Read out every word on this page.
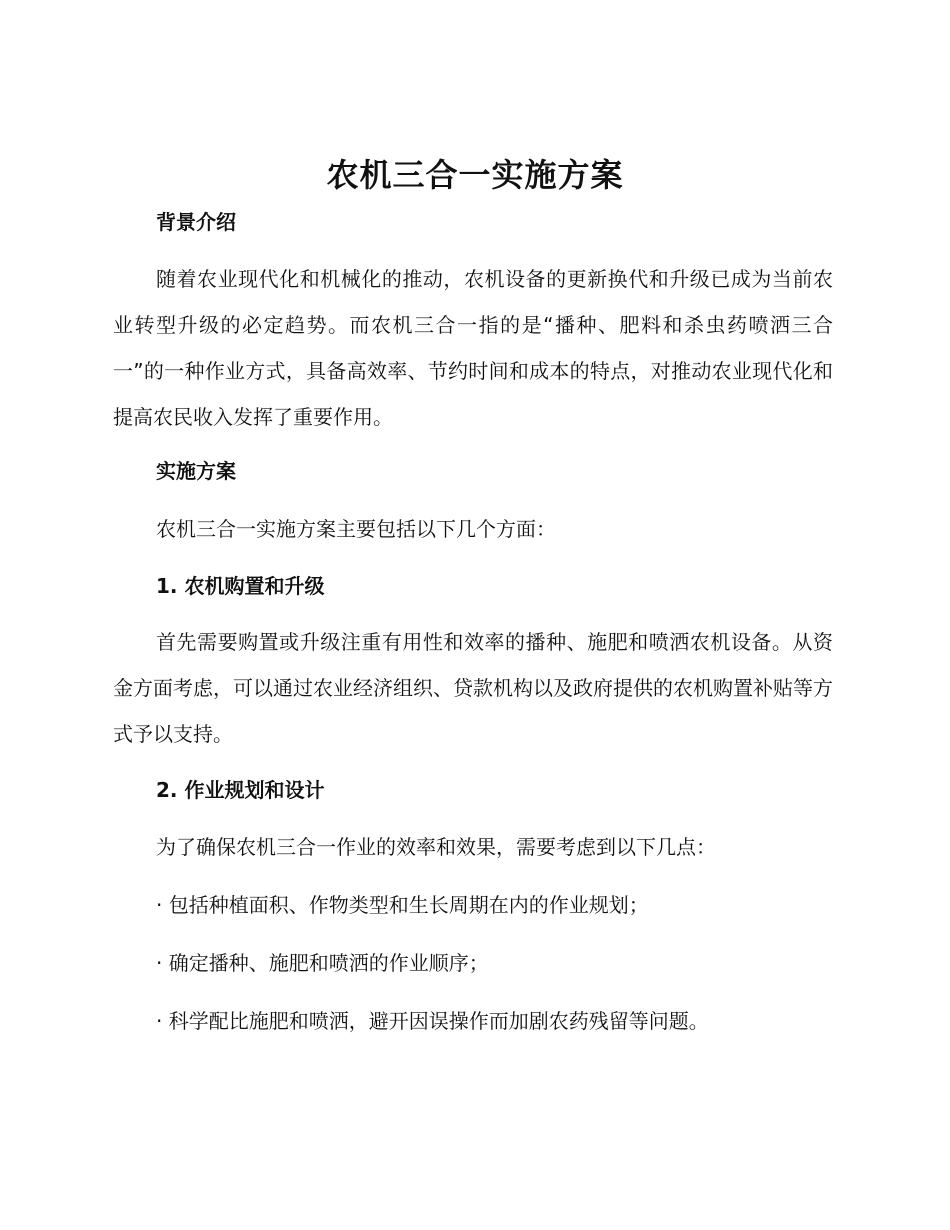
农机三合一实施方案
背景介绍

随着农业现代化和机械化的推动，农机设备的更新换代和升级已成为当前农业转型升级的必定趋势。而农机三合一指的是“播种、肥料和杀虫药喷洒三合一”的一种作业方式，具备高效率、节约时间和成本的特点，对推动农业现代化和提高农民收入发挥了重要作用。

实施方案
农机三合一实施方案主要包括以下几个方面：
1. 农机购置和升级

首先需要购置或升级注重有用性和效率的播种、施肥和喷洒农机设备。从资金方面考虑，可以通过农业经济组织、贷款机构以及政府提供的农机购置补贴等方式予以支持。

2. 作业规划和设计
为了确保农机三合一作业的效率和效果，需要考虑到以下几点：
· 包括种植面积、作物类型和生长周期在内的作业规划；
· 确定播种、施肥和喷洒的作业顺序；
· 科学配比施肥和喷洒，避开因误操作而加剧农药残留等问题。
